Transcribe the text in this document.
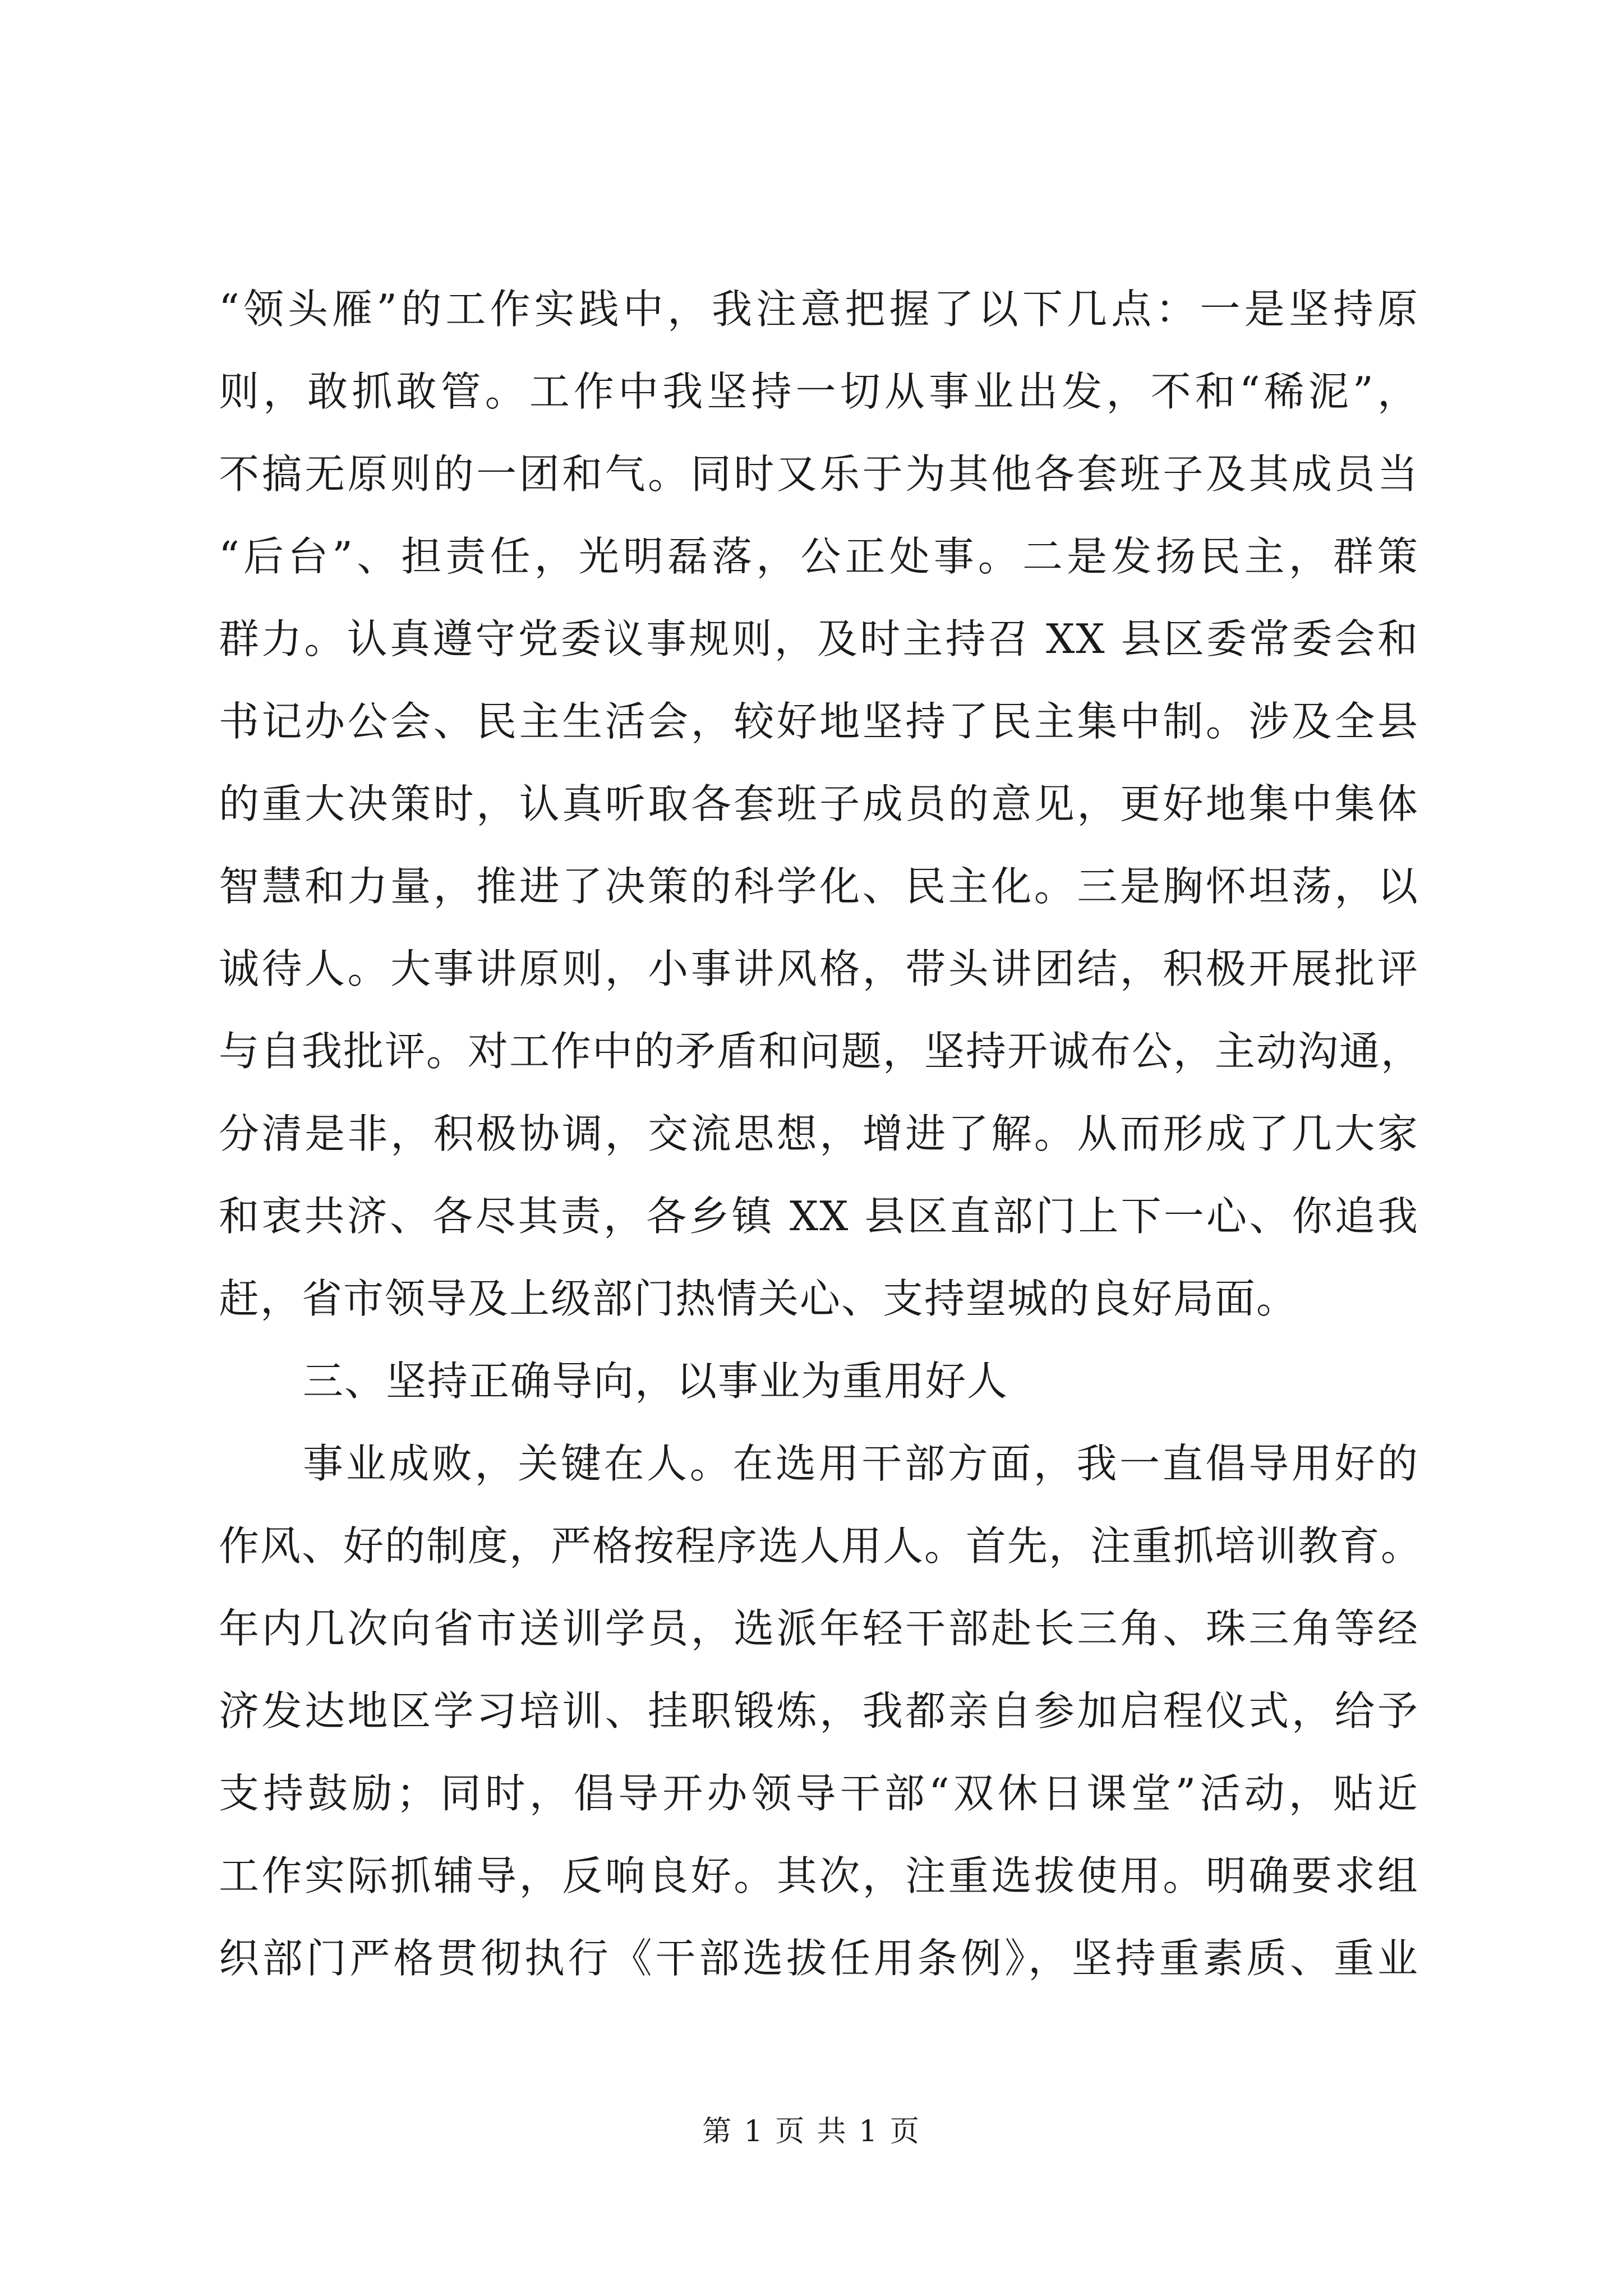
“领头雁”的工作实践中，我注意把握了以下几点：一是坚持原
则，敢抓敢管。工作中我坚持一切从事业出发，不和“稀泥”，
不搞无原则的一团和气。同时又乐于为其他各套班子及其成员当
“后台”、担责任，光明磊落，公正处事。二是发扬民主，群策
群力。认真遵守党委议事规则，及时主持召 XX 县区委常委会和
书记办公会、民主生活会，较好地坚持了民主集中制。涉及全县
的重大决策时，认真听取各套班子成员的意见，更好地集中集体
智慧和力量，推进了决策的科学化、民主化。三是胸怀坦荡，以
诚待人。大事讲原则，小事讲风格，带头讲团结，积极开展批评
与自我批评。对工作中的矛盾和问题，坚持开诚布公，主动沟通，
分清是非，积极协调，交流思想，增进了解。从而形成了几大家
和衷共济、各尽其责，各乡镇 XX 县区直部门上下一心、你追我
赶，省市领导及上级部门热情关心、支持望城的良好局面。
三、坚持正确导向，以事业为重用好人
事业成败，关键在人。在选用干部方面，我一直倡导用好的
作风、好的制度，严格按程序选人用人。首先，注重抓培训教育。
年内几次向省市送训学员，选派年轻干部赴长三角、珠三角等经
济发达地区学习培训、挂职锻炼，我都亲自参加启程仪式，给予
支持鼓励；同时，倡导开办领导干部“双休日课堂”活动，贴近
工作实际抓辅导，反响良好。其次，注重选拔使用。明确要求组
织部门严格贯彻执行《干部选拔任用条例》，坚持重素质、重业
第 1 页 共 1 页
